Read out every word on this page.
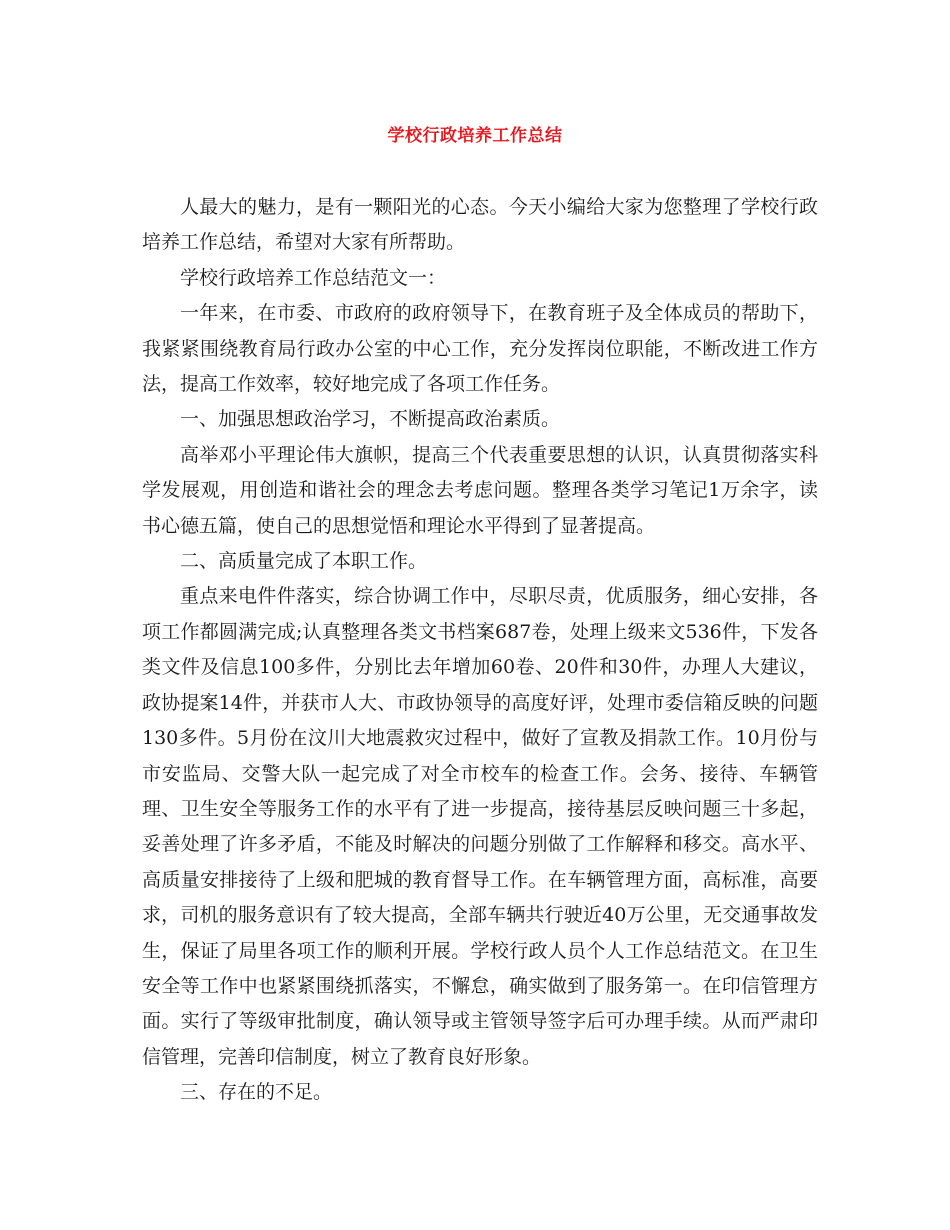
学校行政培养工作总结

人最大的魅力，是有一颗阳光的心态。今天小编给大家为您整理了学校行政培养工作总结，希望对大家有所帮助。

学校行政培养工作总结范文一：

一年来，在市委、市政府的政府领导下，在教育班子及全体成员的帮助下，我紧紧围绕教育局行政办公室的中心工作，充分发挥岗位职能，不断改进工作方法，提高工作效率，较好地完成了各项工作任务。

一、加强思想政治学习，不断提高政治素质。

高举邓小平理论伟大旗帜，提高三个代表重要思想的认识，认真贯彻落实科学发展观，用创造和谐社会的理念去考虑问题。整理各类学习笔记1万余字，读书心德五篇，使自己的思想觉悟和理论水平得到了显著提高。

二、高质量完成了本职工作。

重点来电件件落实，综合协调工作中，尽职尽责，优质服务，细心安排，各项工作都圆满完成;认真整理各类文书档案687卷，处理上级来文536件，下发各类文件及信息100多件，分别比去年增加60卷、20件和30件，办理人大建议，政协提案14件，并获市人大、市政协领导的高度好评，处理市委信箱反映的问题130多件。5月份在汶川大地震救灾过程中，做好了宣教及捐款工作。10月份与市安监局、交警大队一起完成了对全市校车的检查工作。会务、接待、车辆管理、卫生安全等服务工作的水平有了进一步提高，接待基层反映问题三十多起，妥善处理了许多矛盾，不能及时解决的问题分别做了工作解释和移交。高水平、高质量安排接待了上级和肥城的教育督导工作。在车辆管理方面，高标准，高要求，司机的服务意识有了较大提高，全部车辆共行驶近40万公里，无交通事故发生，保证了局里各项工作的顺利开展。学校行政人员个人工作总结范文。在卫生安全等工作中也紧紧围绕抓落实，不懈怠，确实做到了服务第一。在印信管理方面。实行了等级审批制度，确认领导或主管领导签字后可办理手续。从而严肃印信管理，完善印信制度，树立了教育良好形象。

三、存在的不足。
